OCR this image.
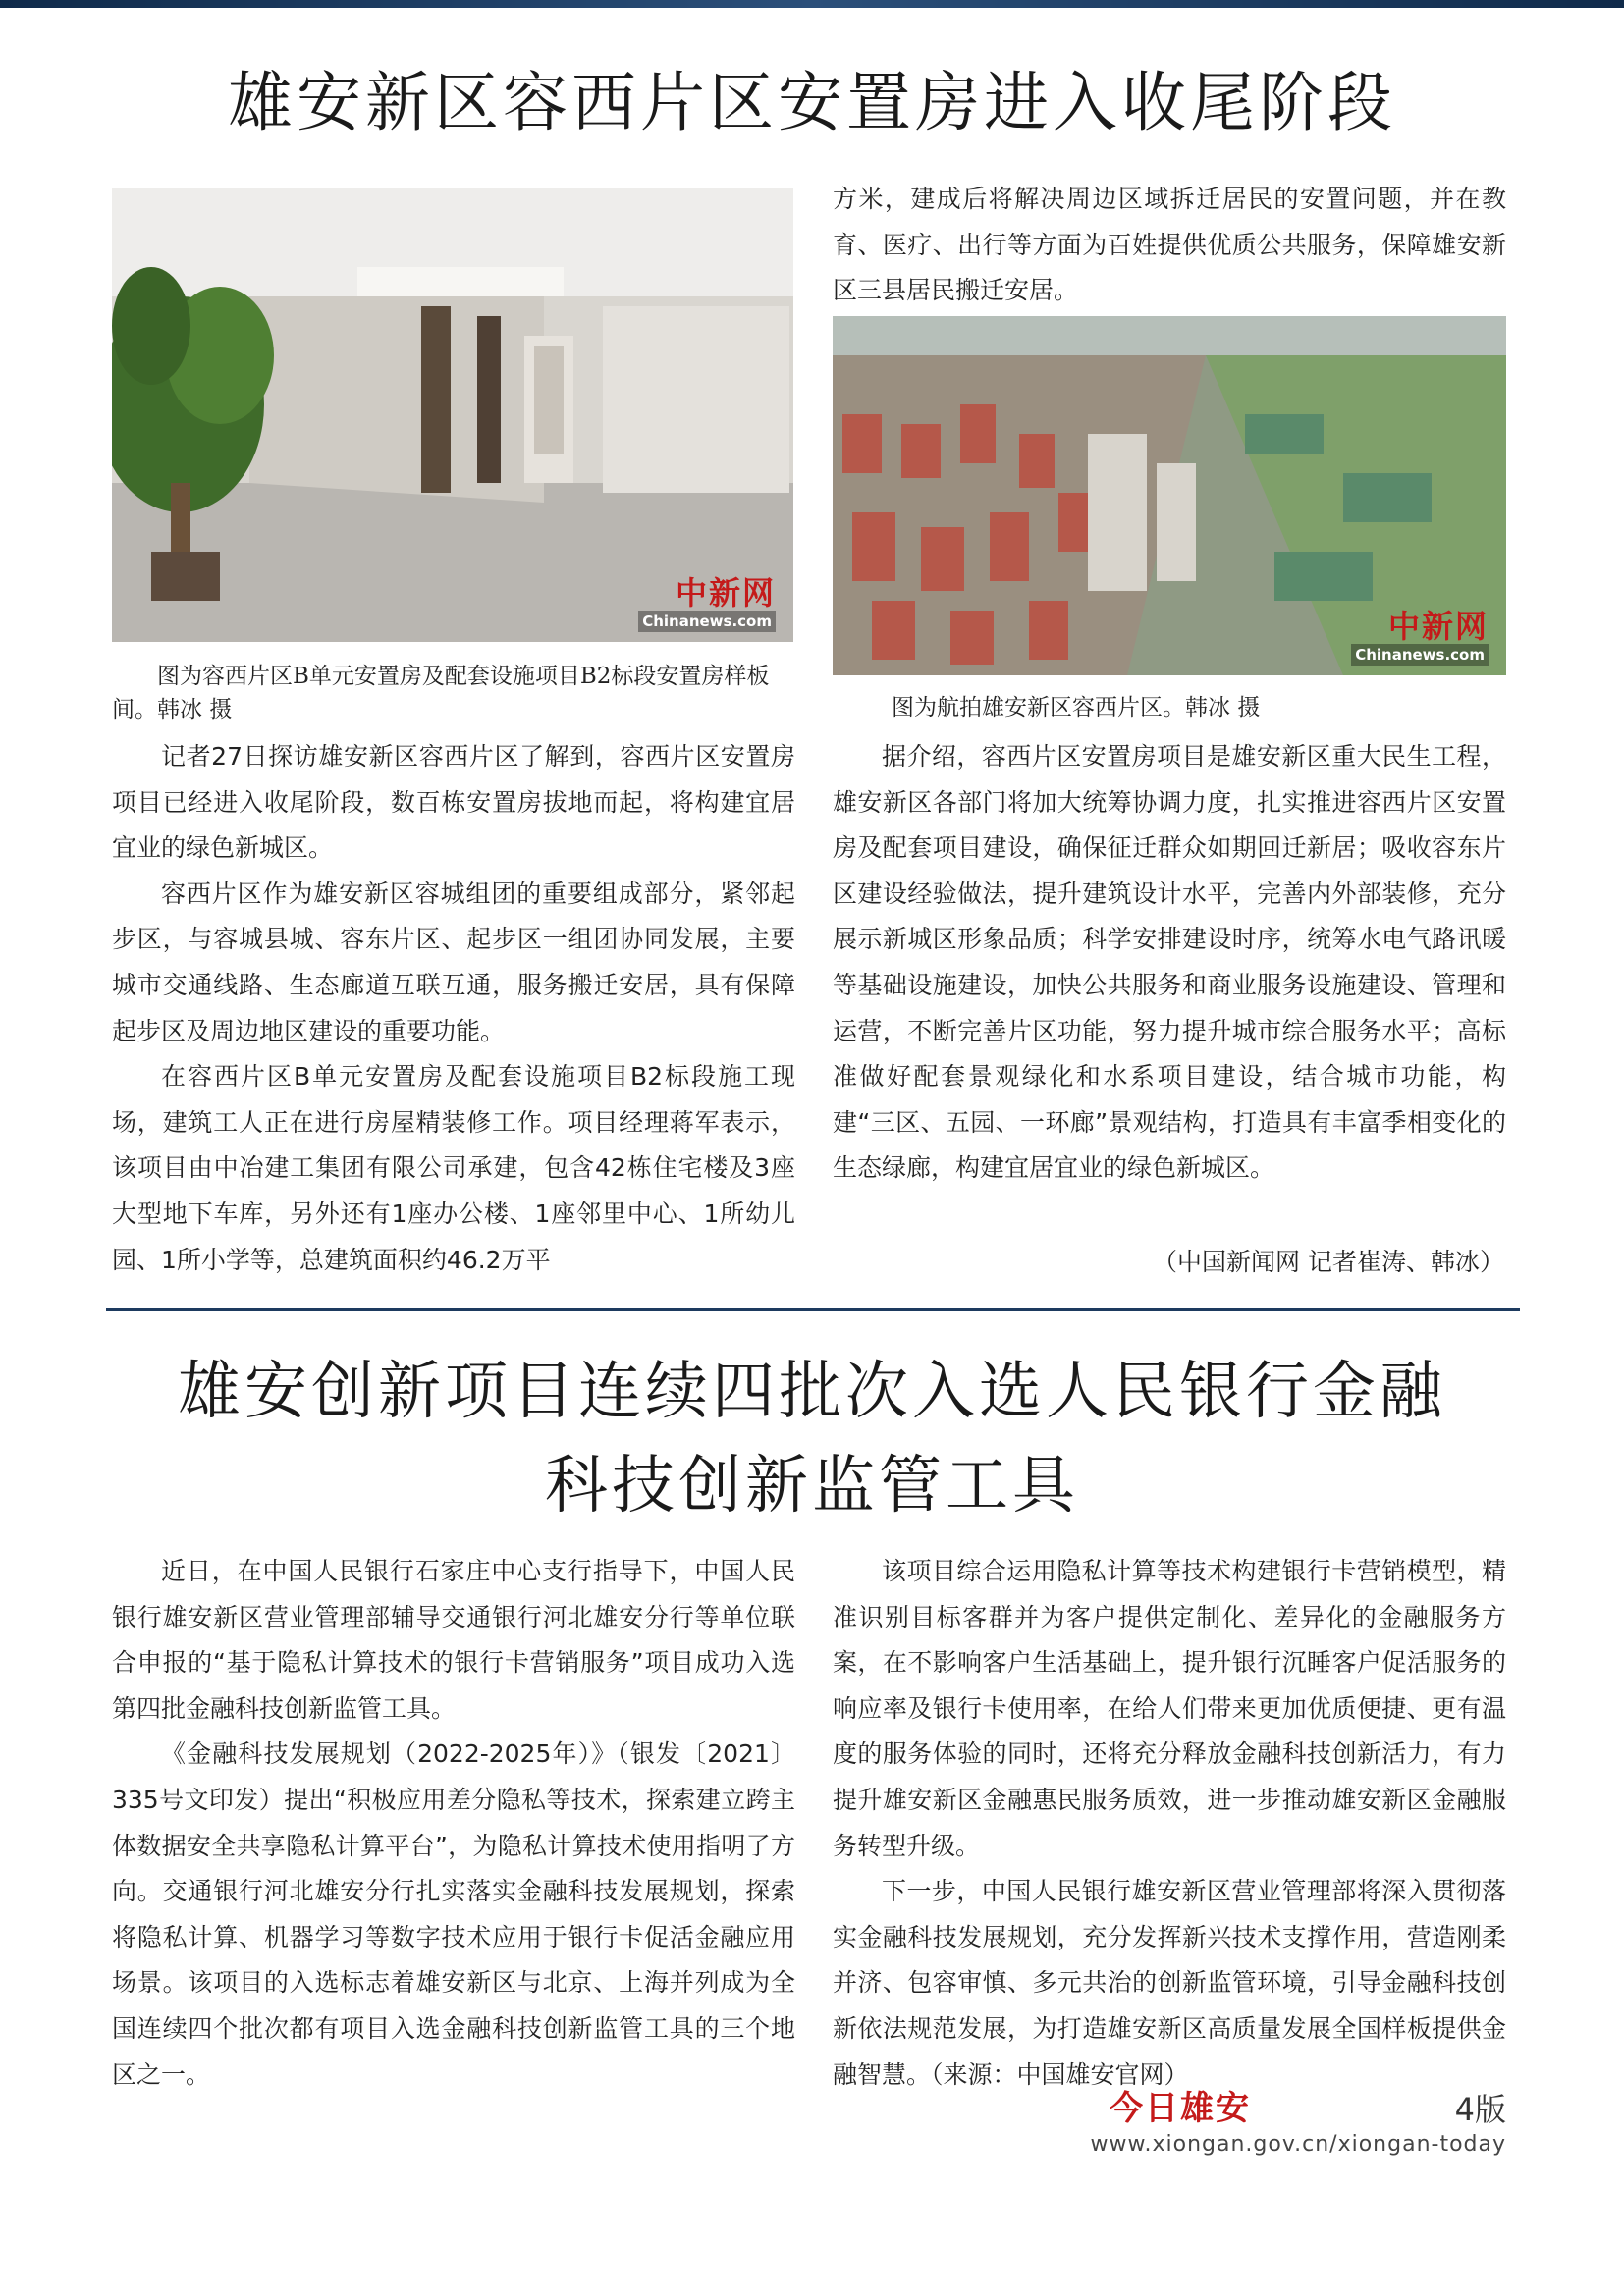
雄安新区容西片区安置房进入收尾阶段
中新网
Chinanews.com
图为容西片区B单元安置房及配套设施项目B2标段安置房样板间。韩冰 摄

记者27日探访雄安新区容西片区了解到，容西片区安置房项目已经进入收尾阶段，数百栋安置房拔地而起，将构建宜居宜业的绿色新城区。

容西片区作为雄安新区容城组团的重要组成部分，紧邻起步区，与容城县城、容东片区、起步区一组团协同发展，主要城市交通线路、生态廊道互联互通，服务搬迁安居，具有保障起步区及周边地区建设的重要功能。

在容西片区B单元安置房及配套设施项目B2标段施工现场，建筑工人正在进行房屋精装修工作。项目经理蒋军表示，该项目由中冶建工集团有限公司承建，包含42栋住宅楼及3座大型地下车库，另外还有1座办公楼、1座邻里中心、1所幼儿园、1所小学等，总建筑面积约46.2万平

方米，建成后将解决周边区域拆迁居民的安置问题，并在教育、医疗、出行等方面为百姓提供优质公共服务，保障雄安新区三县居民搬迁安居。

中新网
Chinanews.com
图为航拍雄安新区容西片区。韩冰 摄

据介绍，容西片区安置房项目是雄安新区重大民生工程，雄安新区各部门将加大统筹协调力度，扎实推进容西片区安置房及配套项目建设，确保征迁群众如期回迁新居；吸收容东片区建设经验做法，提升建筑设计水平，完善内外部装修，充分展示新城区形象品质；科学安排建设时序，统筹水电气路讯暖等基础设施建设，加快公共服务和商业服务设施建设、管理和运营，不断完善片区功能，努力提升城市综合服务水平；高标准做好配套景观绿化和水系项目建设，结合城市功能，构建“三区、五园、一环廊”景观结构，打造具有丰富季相变化的生态绿廊，构建宜居宜业的绿色新城区。

（中国新闻网 记者崔涛、韩冰）
雄安创新项目连续四批次入选人民银行金融
科技创新监管工具

近日，在中国人民银行石家庄中心支行指导下，中国人民银行雄安新区营业管理部辅导交通银行河北雄安分行等单位联合申报的“基于隐私计算技术的银行卡营销服务”项目成功入选第四批金融科技创新监管工具。

《金融科技发展规划（2022-2025年）》（银发〔2021〕335号文印发）提出“积极应用差分隐私等技术，探索建立跨主体数据安全共享隐私计算平台”，为隐私计算技术使用指明了方向。交通银行河北雄安分行扎实落实金融科技发展规划，探索将隐私计算、机器学习等数字技术应用于银行卡促活金融应用场景。该项目的入选标志着雄安新区与北京、上海并列成为全国连续四个批次都有项目入选金融科技创新监管工具的三个地区之一。

该项目综合运用隐私计算等技术构建银行卡营销模型，精准识别目标客群并为客户提供定制化、差异化的金融服务方案，在不影响客户生活基础上，提升银行沉睡客户促活服务的响应率及银行卡使用率，在给人们带来更加优质便捷、更有温度的服务体验的同时，还将充分释放金融科技创新活力，有力提升雄安新区金融惠民服务质效，进一步推动雄安新区金融服务转型升级。

下一步，中国人民银行雄安新区营业管理部将深入贯彻落实金融科技发展规划，充分发挥新兴技术支撑作用，营造刚柔并济、包容审慎、多元共治的创新监管环境，引导金融科技创新依法规范发展，为打造雄安新区高质量发展全国样板提供金融智慧。（来源：中国雄安官网）

今日雄安	4版
www.xiongan.gov.cn/xiongan-today
